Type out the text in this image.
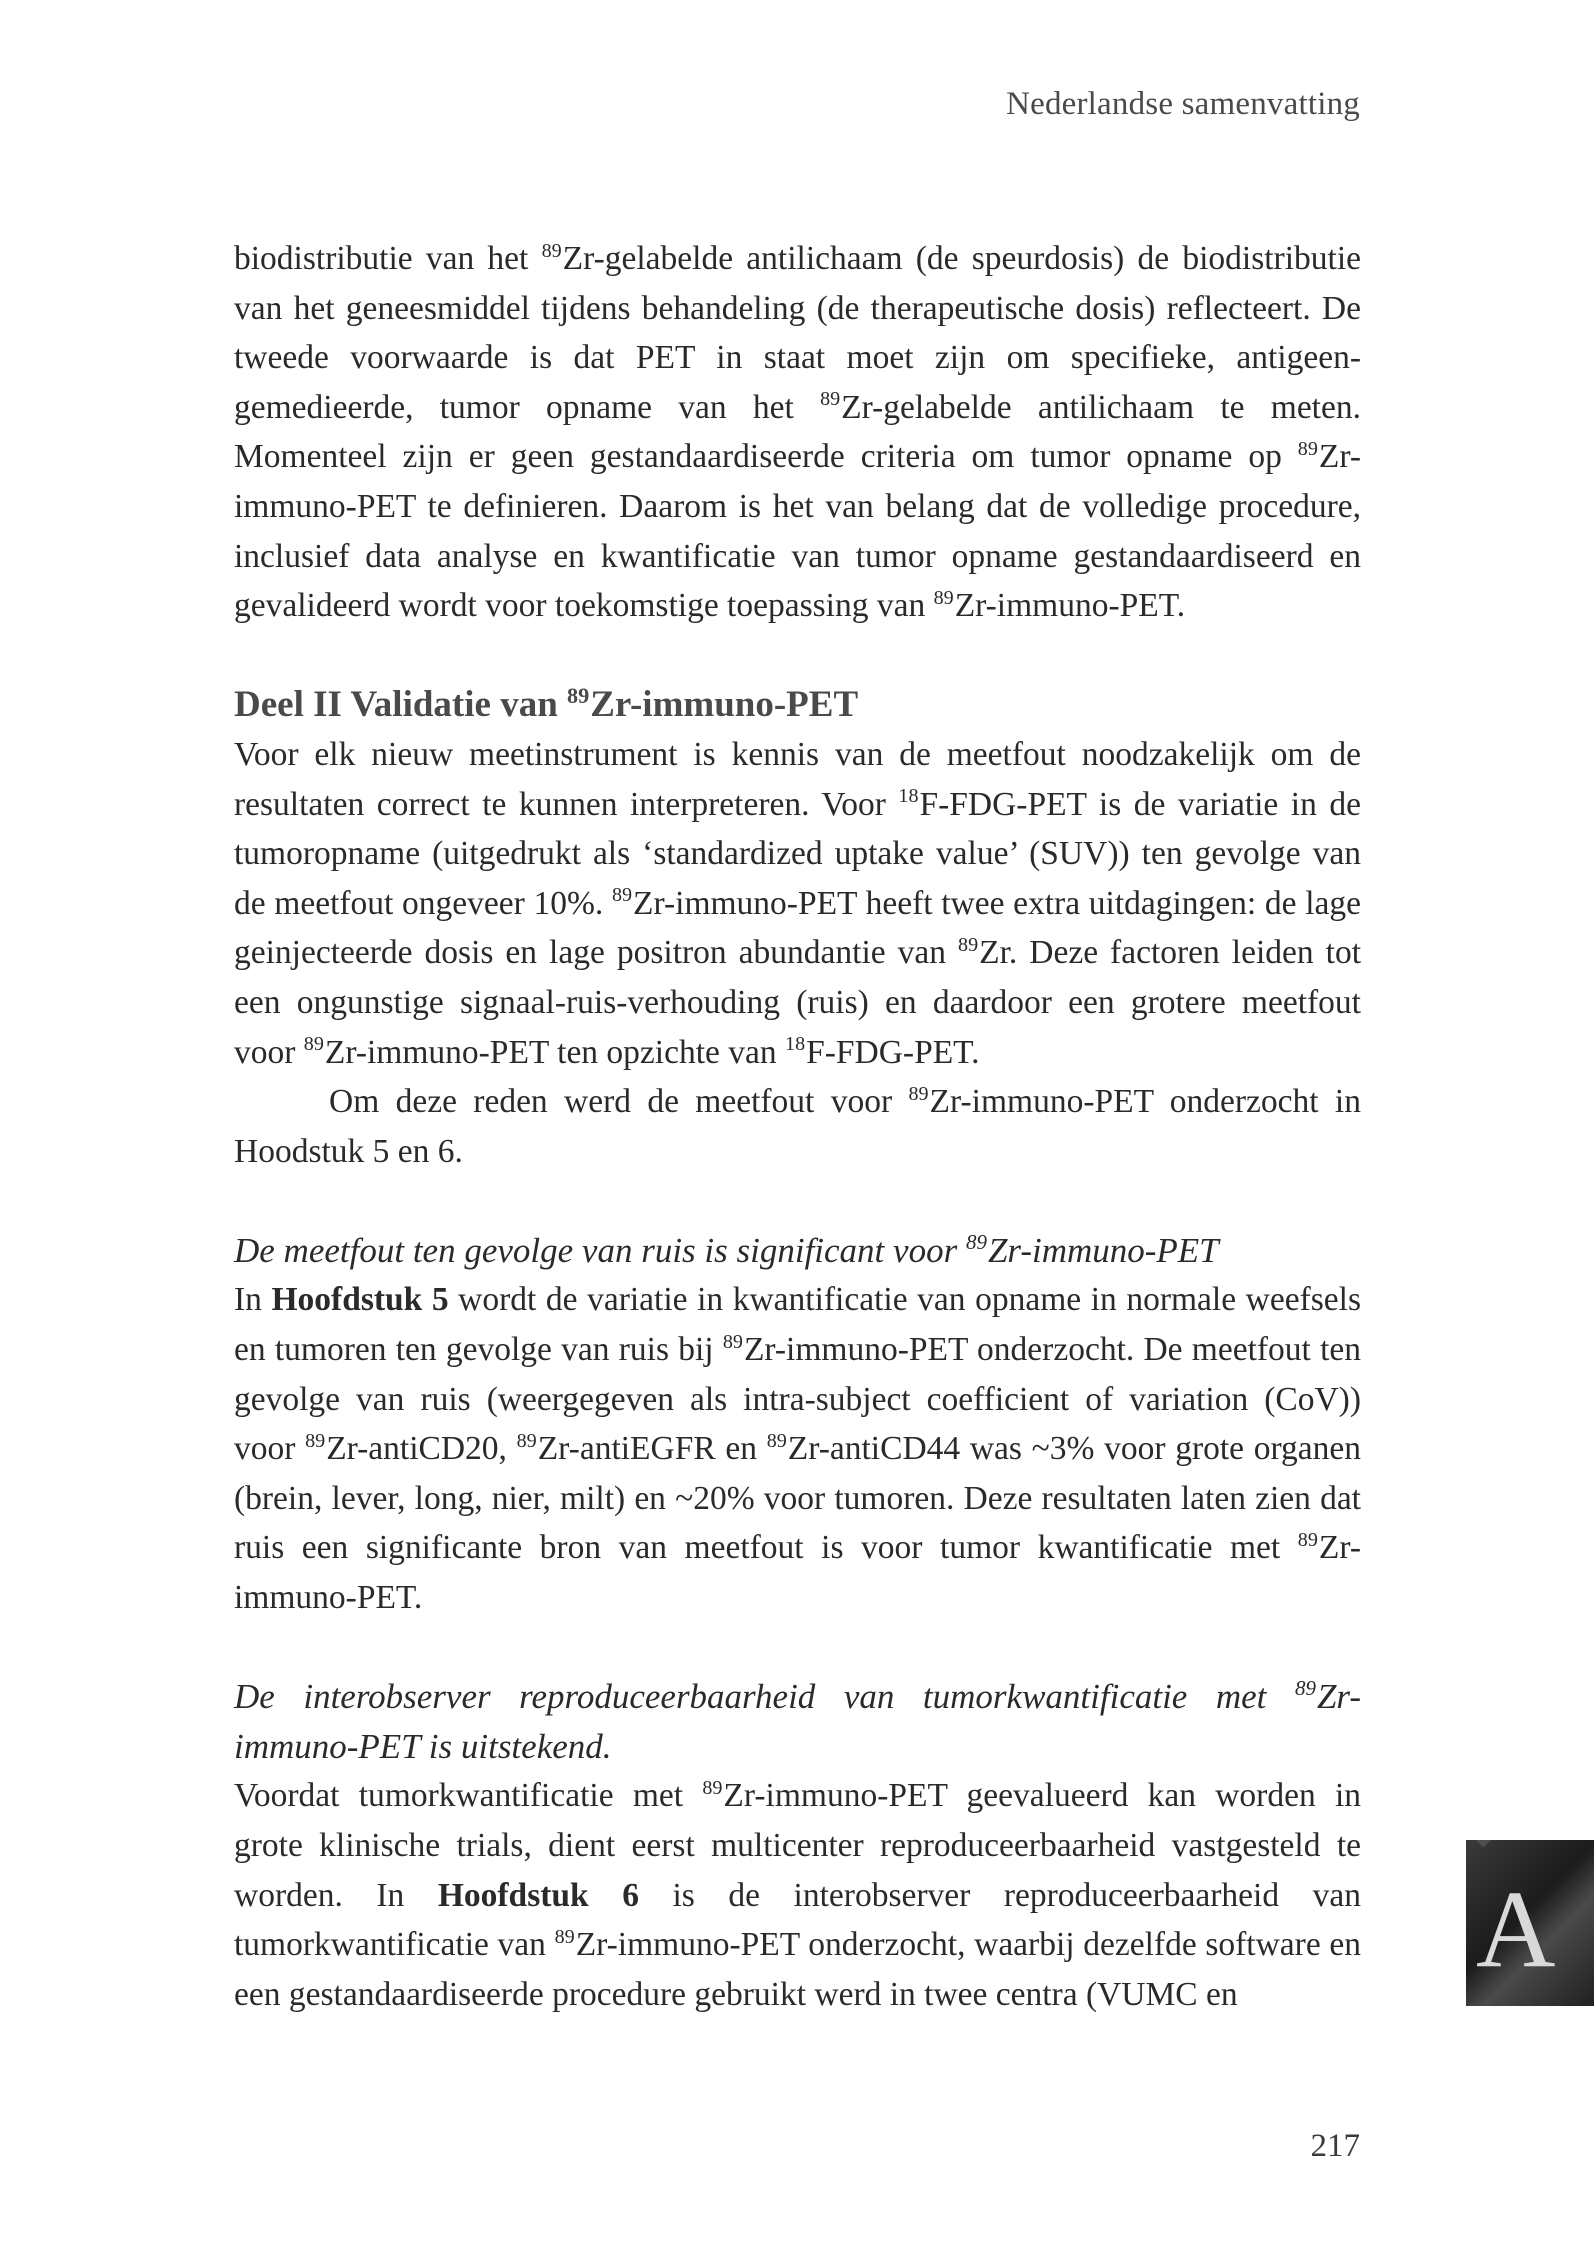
Nederlandse samenvatting

biodistributie van het $^{89}$Zr-gelabelde antilichaam (de speurdosis) de biodistributie van het geneesmiddel tijdens behandeling (de therapeutische dosis) reflecteert. De tweede voorwaarde is dat PET in staat moet zijn om specifieke, antigeen-gemedieerde, tumor opname van het $^{89}$Zr-gelabelde antilichaam te meten. Momenteel zijn er geen gestandaardiseerde criteria om tumor opname op $^{89}$Zr-immuno-PET te definieren. Daarom is het van belang dat de volledige procedure, inclusief data analyse en kwantificatie van tumor opname gestandaardiseerd en gevalideerd wordt voor toekomstige toepassing van $^{89}$Zr-immuno-PET.

Deel II Validatie van $^{89}$Zr-immuno-PET

Voor elk nieuw meetinstrument is kennis van de meetfout noodzakelijk om de resultaten correct te kunnen interpreteren. Voor $^{18}$F-FDG-PET is de variatie in de tumoropname (uitgedrukt als ‘standardized uptake value’ (SUV)) ten gevolge van de meetfout ongeveer 10%. $^{89}$Zr-immuno-PET heeft twee extra uitdagingen: de lage geinjecteerde dosis en lage positron abundantie van $^{89}$Zr. Deze factoren leiden tot een ongunstige signaal-ruis-verhouding (ruis) en daardoor een grotere meetfout voor $^{89}$Zr-immuno-PET ten opzichte van $^{18}$F-FDG-PET.

Om deze reden werd de meetfout voor $^{89}$Zr-immuno-PET onderzocht in Hoodstuk 5 en 6.

De meetfout ten gevolge van ruis is significant voor $^{89}$Zr-immuno-PET

In Hoofdstuk 5 wordt de variatie in kwantificatie van opname in normale weefsels en tumoren ten gevolge van ruis bij $^{89}$Zr-immuno-PET onderzocht. De meetfout ten gevolge van ruis (weergegeven als intra-subject coefficient of variation (CoV)) voor $^{89}$Zr-antiCD20, $^{89}$Zr-antiEGFR en $^{89}$Zr-antiCD44 was ~3% voor grote organen (brein, lever, long, nier, milt) en ~20% voor tumoren. Deze resultaten laten zien dat ruis een significante bron van meetfout is voor tumor kwantificatie met $^{89}$Zr-immuno-PET.

De interobserver reproduceerbaarheid van tumorkwantificatie met $^{89}$Zr-immuno-PET is uitstekend.

Voordat tumorkwantificatie met $^{89}$Zr-immuno-PET geevalueerd kan worden in grote klinische trials, dient eerst multicenter reproduceerbaarheid vastgesteld te worden. In Hoofdstuk 6 is de interobserver reproduceerbaarheid van tumorkwantificatie van $^{89}$Zr-immuno-PET onderzocht, waarbij dezelfde software en een gestandaardiseerde procedure gebruikt werd in twee centra (VUMC en

A
217
